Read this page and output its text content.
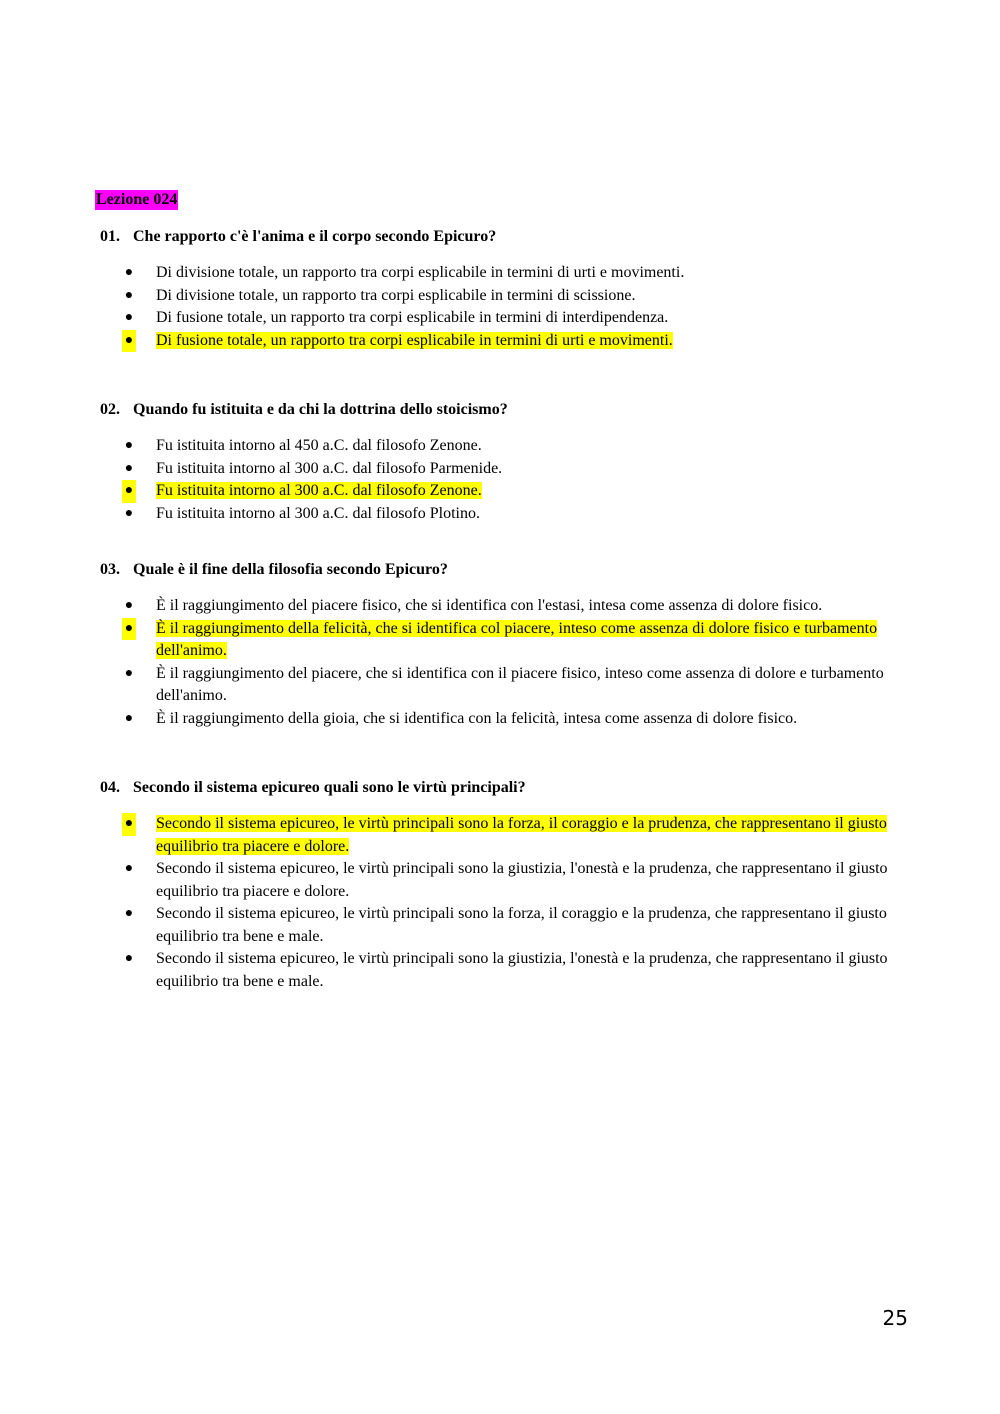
Lezione 024
01. Che rapporto c'è l'anima e il corpo secondo Epicuro?
● Di divisione totale, un rapporto tra corpi esplicabile in termini di urti e movimenti.
● Di divisione totale, un rapporto tra corpi esplicabile in termini di scissione.
● Di fusione totale, un rapporto tra corpi esplicabile in termini di interdipendenza.
● Di fusione totale, un rapporto tra corpi esplicabile in termini di urti e movimenti.
02. Quando fu istituita e da chi la dottrina dello stoicismo?
● Fu istituita intorno al 450 a.C. dal filosofo Zenone.
● Fu istituita intorno al 300 a.C. dal filosofo Parmenide.
● Fu istituita intorno al 300 a.C. dal filosofo Zenone.
● Fu istituita intorno al 300 a.C. dal filosofo Plotino.
03. Quale è il fine della filosofia secondo Epicuro?
● È il raggiungimento del piacere fisico, che si identifica con l'estasi, intesa come assenza di dolore fisico.
● È il raggiungimento della felicità, che si identifica col piacere, inteso come assenza di dolore fisico e turbamento dell'animo.
● È il raggiungimento del piacere, che si identifica con il piacere fisico, inteso come assenza di dolore e turbamento dell'animo.
● È il raggiungimento della gioia, che si identifica con la felicità, intesa come assenza di dolore fisico.
04. Secondo il sistema epicureo quali sono le virtù principali?
● Secondo il sistema epicureo, le virtù principali sono la forza, il coraggio e la prudenza, che rappresentano il giusto equilibrio tra piacere e dolore.
● Secondo il sistema epicureo, le virtù principali sono la giustizia, l'onestà e la prudenza, che rappresentano il giusto equilibrio tra piacere e dolore.
● Secondo il sistema epicureo, le virtù principali sono la forza, il coraggio e la prudenza, che rappresentano il giusto equilibrio tra bene e male.
● Secondo il sistema epicureo, le virtù principali sono la giustizia, l'onestà e la prudenza, che rappresentano il giusto equilibrio tra bene e male.
25
